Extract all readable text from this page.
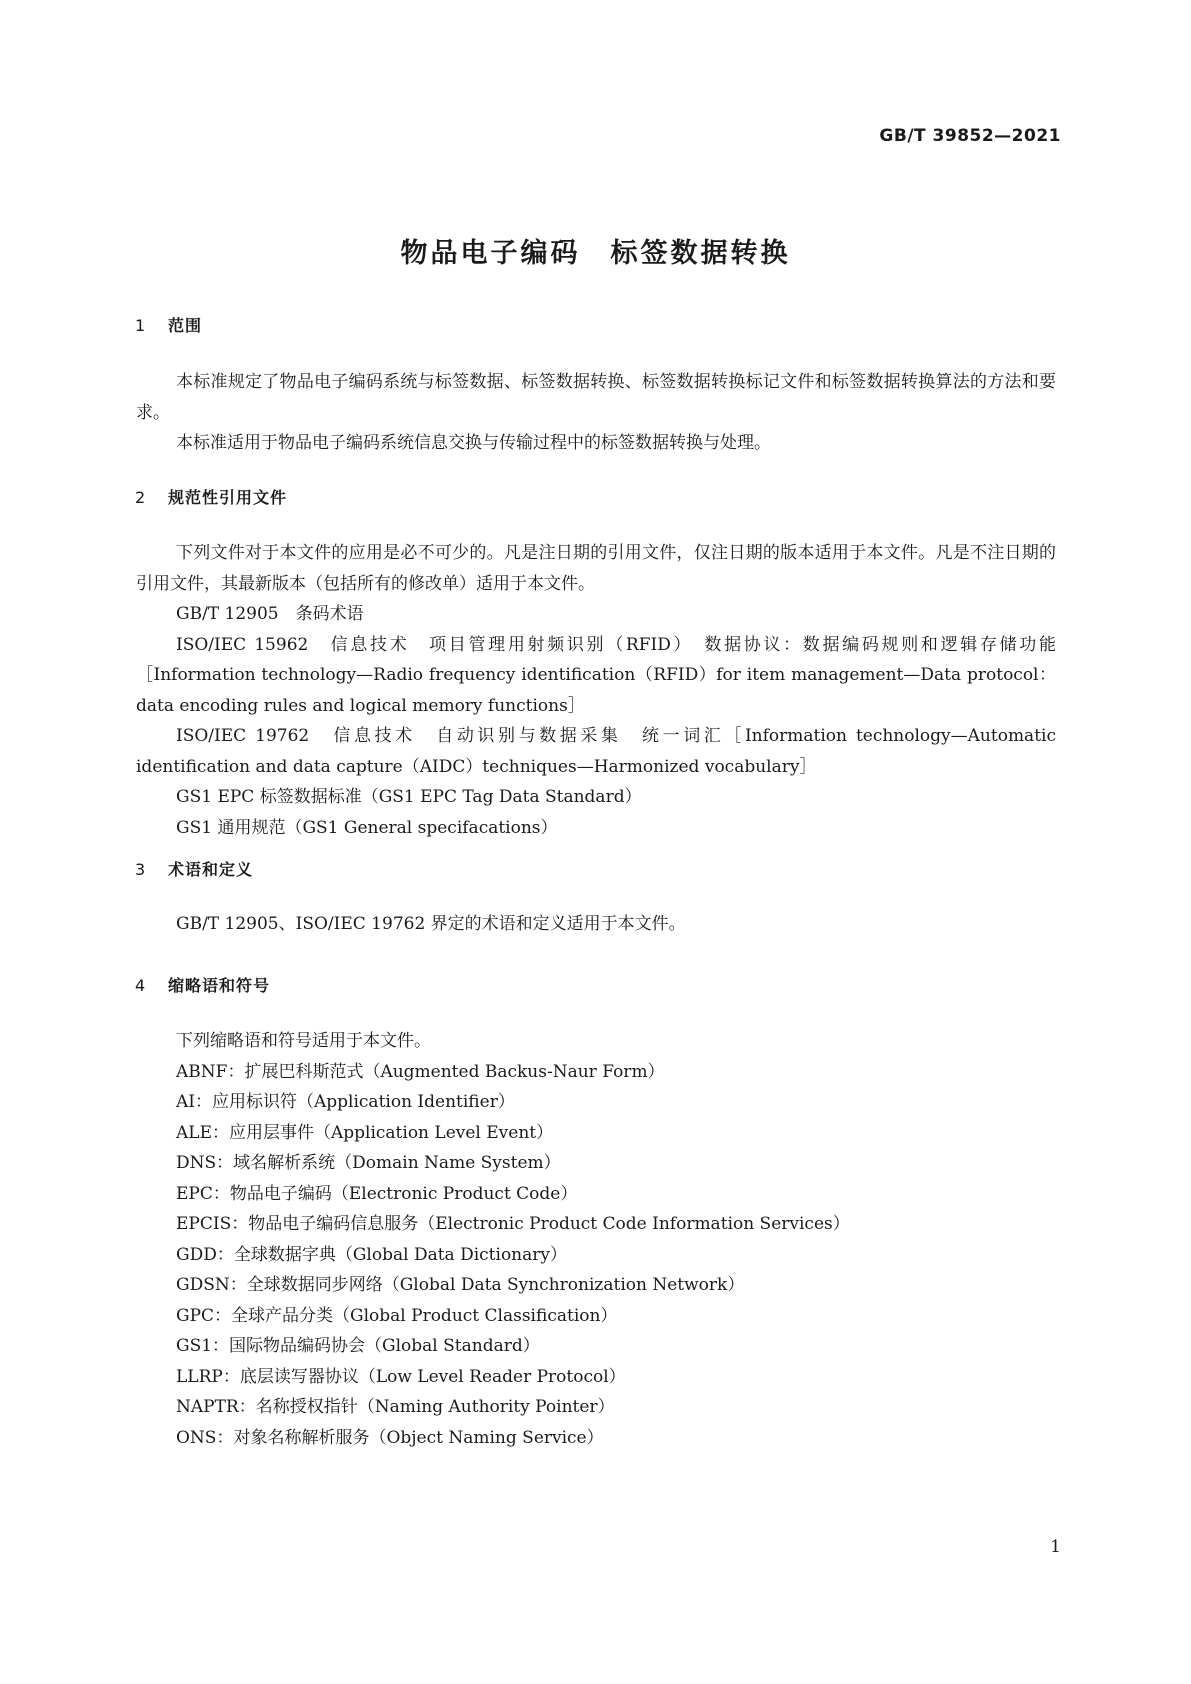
GB/T 39852—2021
物品电子编码　标签数据转换
1 范围

本标准规定了物品电子编码系统与标签数据、标签数据转换、标签数据转换标记文件和标签数据转换算法的方法和要求。

本标准适用于物品电子编码系统信息交换与传输过程中的标签数据转换与处理。

2 规范性引用文件

下列文件对于本文件的应用是必不可少的。凡是注日期的引用文件，仅注日期的版本适用于本文件。凡是不注日期的引用文件，其最新版本（包括所有的修改单）适用于本文件。

GB/T 12905　条码术语

ISO/IEC 15962　信息技术　项目管理用射频识别（RFID）　数据协议：数据编码规则和逻辑存储功能［Information technology—Radio frequency identification（RFID）for item management—Data protocol：data encoding rules and logical memory functions］

ISO/IEC 19762　信息技术　自动识别与数据采集　统一词汇［Information technology—Automatic identification and data capture（AIDC）techniques—Harmonized vocabulary］

GS1 EPC 标签数据标准（GS1 EPC Tag Data Standard）

GS1 通用规范（GS1 General specifacations）

3 术语和定义

GB/T 12905、ISO/IEC 19762 界定的术语和定义适用于本文件。

4 缩略语和符号

下列缩略语和符号适用于本文件。

ABNF：扩展巴科斯范式（Augmented Backus-Naur Form）

AI：应用标识符（Application Identifier）

ALE：应用层事件（Application Level Event）

DNS：域名解析系统（Domain Name System）

EPC：物品电子编码（Electronic Product Code）

EPCIS：物品电子编码信息服务（Electronic Product Code Information Services）

GDD：全球数据字典（Global Data Dictionary）

GDSN：全球数据同步网络（Global Data Synchronization Network）

GPC：全球产品分类（Global Product Classification）

GS1：国际物品编码协会（Global Standard）

LLRP：底层读写器协议（Low Level Reader Protocol）

NAPTR：名称授权指针（Naming Authority Pointer）

ONS：对象名称解析服务（Object Naming Service）

1
